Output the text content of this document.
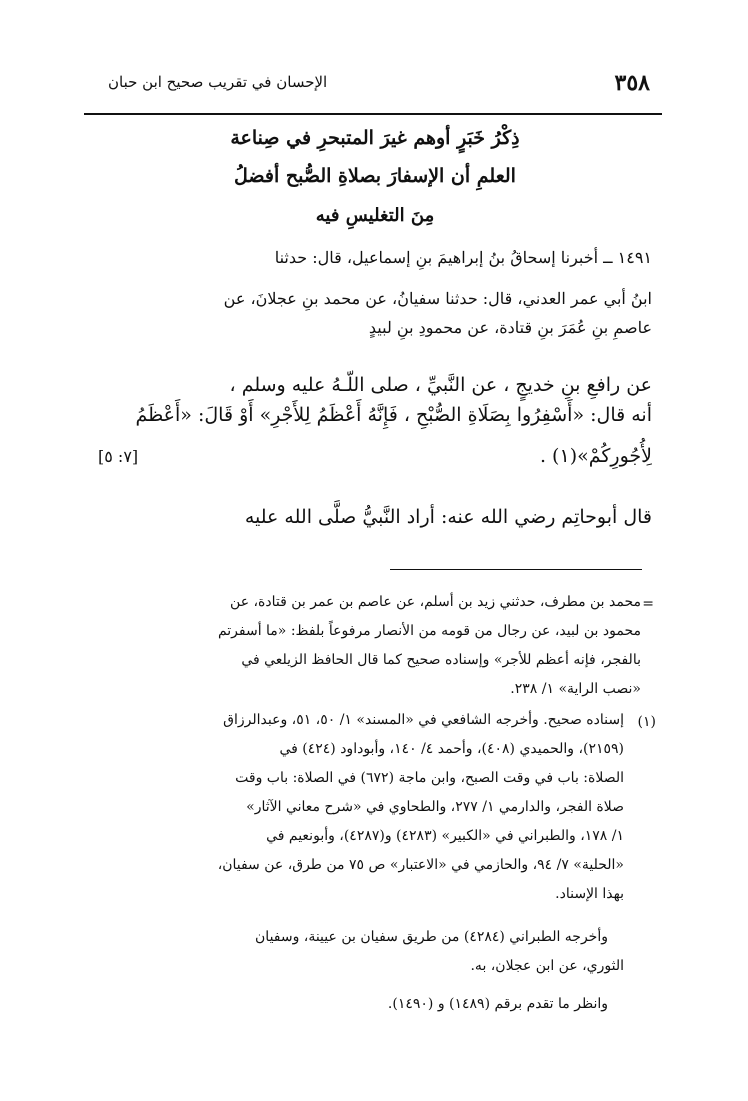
٣٥٨
الإحسان في تقريب صحيح ابن حبان
ذِكْرُ خَبَرٍ أوهم غيرَ المتبحرِ في صِناعة
العلمِ أن الإسفارَ بصلاةِ الصُّبح أفضلُ
مِنَ التغليسِ فيه
١٤٩١ ــ أخبرنا إسحاقُ بنُ إبراهيمَ بنِ إسماعيل، قال: حدثنا
ابنُ أبي عمر العدني، قال: حدثنا سفيانُ، عن محمد بنِ عجلانَ، عن
عاصمِ بنِ عُمَرَ بنِ قتادة، عن محمودِ بنِ لبيدٍ
عن رافعِ بنِ خديجٍ ، عن النَّبيِّ ، صلى اللّـهُ عليه وسلم ،
أنه قال: «أَسْفِرُوا بِصَلَاةِ الصُّبْحِ ، فَإِنَّهُ أَعْظَمُ لِلأَجْرِ» أَوْ قَالَ: «أَعْظَمُ
لِأُجُورِكُمْ»(١) .
[٧: ٥]
قال أبوحاتِم رضي الله عنه: أراد النَّبيُّ صلَّى الله عليه
=
محمد بن مطرف، حدثني زيد بن أسلم، عن عاصم بن عمر بن قتادة، عن
محمود بن لبيد، عن رجال من قومه من الأنصار مرفوعاً بلفظ: «ما أسفرتم
بالفجر، فإنه أعظم للأجر» وإسناده صحيح كما قال الحافظ الزيلعي في
«نصب الراية» ١/ ٢٣٨.
(١)
إسناده صحيح. وأخرجه الشافعي في «المسند» ١/ ٥٠، ٥١، وعبدالرزاق
(٢١٥٩)، والحميدي (٤٠٨)، وأحمد ٤/ ١٤٠، وأبوداود (٤٢٤) في
الصلاة: باب في وقت الصبح، وابن ماجة (٦٧٢) في الصلاة: باب وقت
صلاة الفجر، والدارمي ١/ ٢٧٧، والطحاوي في «شرح معاني الآثار»
١/ ١٧٨، والطبراني في «الكبير» (٤٢٨٣) و(٤٢٨٧)، وأبونعيم في
«الحلية» ٧/ ٩٤، والحازمي في «الاعتبار» ص ٧٥ من طرق، عن سفيان،
بهذا الإسناد.
وأخرجه الطبراني (٤٢٨٤) من طريق سفيان بن عيينة، وسفيان
الثوري، عن ابن عجلان، به.
وانظر ما تقدم برقم (١٤٨٩) و (١٤٩٠).
